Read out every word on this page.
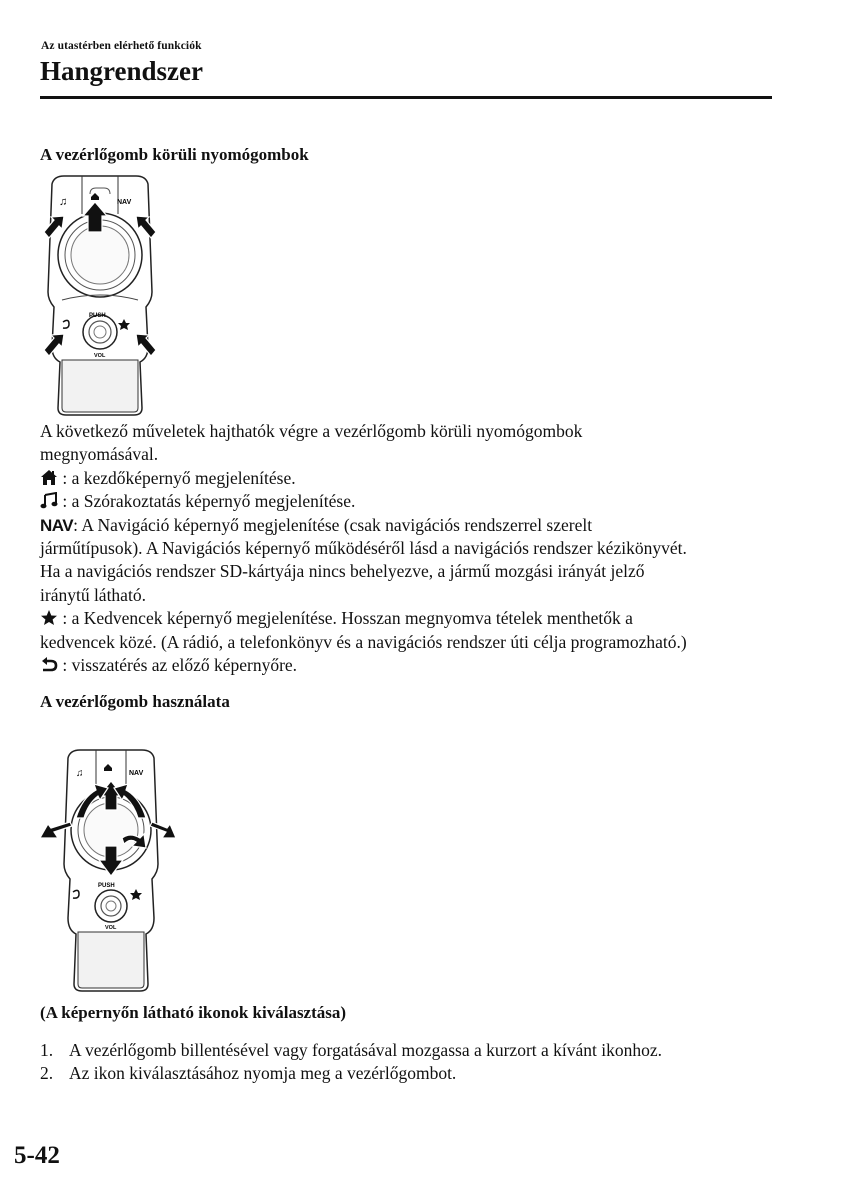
Az utastérben elérhető funkciók
Hangrendszer
A vezérlőgomb körüli nyomógombok
♫	NAV
PUSH
VOL
A következő műveletek hajthatók végre a vezérlőgomb körüli nyomógombok
megnyomásával.
: a kezdőképernyő megjelenítése.
: a Szórakoztatás képernyő megjelenítése.
NAV: A Navigáció képernyő megjelenítése (csak navigációs rendszerrel szerelt
járműtípusok). A Navigációs képernyő működéséről lásd a navigációs rendszer kézikönyvét.
Ha a navigációs rendszer SD-kártyája nincs behelyezve, a jármű mozgási irányát jelző
iránytű látható.
: a Kedvencek képernyő megjelenítése. Hosszan megnyomva tételek menthetők a
kedvencek közé. (A rádió, a telefonkönyv és a navigációs rendszer úti célja programozható.)
: visszatérés az előző képernyőre.
A vezérlőgomb használata
♫	NAV
PUSH
VOL
(A képernyőn látható ikonok kiválasztása)
1. A vezérlőgomb billentésével vagy forgatásával mozgassa a kurzort a kívánt ikonhoz.
2. Az ikon kiválasztásához nyomja meg a vezérlőgombot.
5-42
